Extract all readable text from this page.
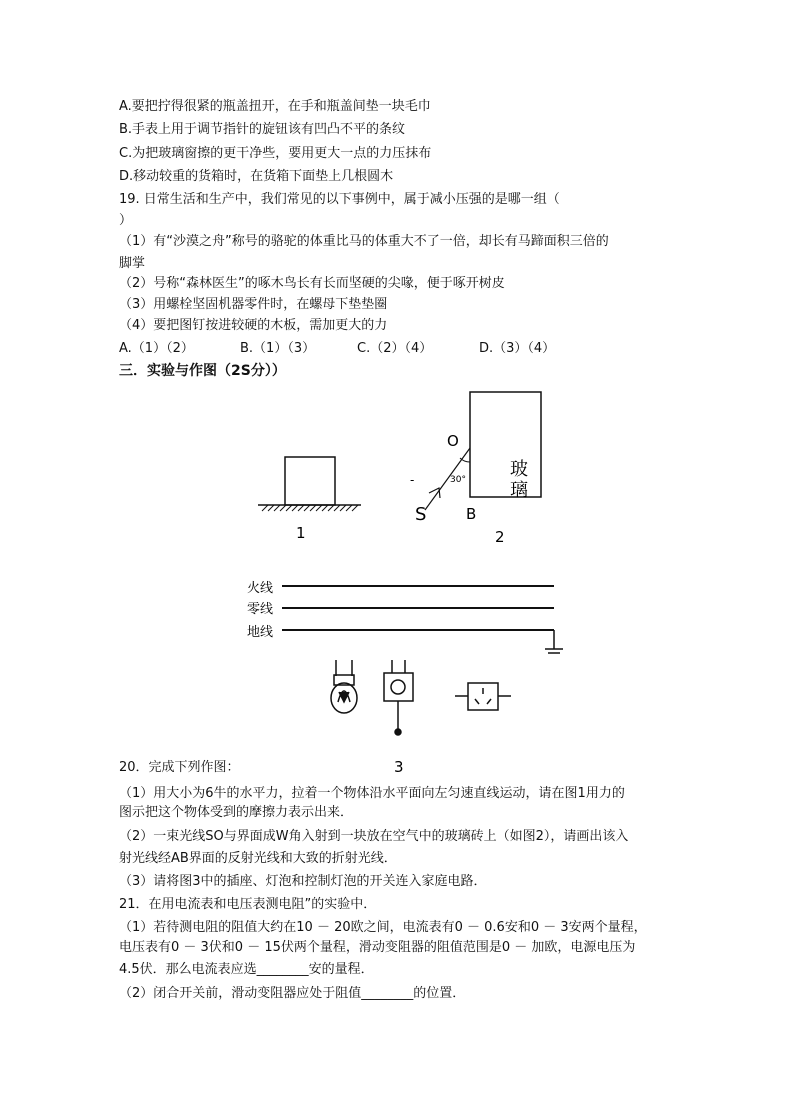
A.要把拧得很紧的瓶盖扭开，在手和瓶盖间垫一块毛巾
B.手表上用于调节指针的旋钮该有凹凸不平的条纹
C.为把玻璃窗擦的更干净些，要用更大一点的力压抹布
D.移动较重的货箱时，在货箱下面垫上几根圆木
19. 日常生活和生产中，我们常见的以下事例中，属于减小压强的是哪一组（
）
（1）有“沙漠之舟”称号的骆驼的体重比马的体重大不了一倍，却长有马蹄面积三倍的
脚掌
（2）号称“森林医生”的啄木鸟长有长而坚硬的尖喙，便于啄开树皮
（3）用螺栓坚固机器零件时，在螺母下垫垫圈
（4）要把图钉按进较硬的木板，需加更大的力
A.（1）（2）	B.（1）（3）	C.（2）（4）	D.（3）（4）
三．实验与作图（2S分））
1
O
30°
-
S	B
玻
璃
2
火线
零线
地线
3
20．完成下列作图：
（1）用大小为6牛的水平力，拉着一个物体沿水平面向左匀速直线运动，请在图1用力的
图示把这个物体受到的摩擦力表示出来．
（2）一束光线SO与界面成W角入射到一块放在空气中的玻璃砖上（如图2），请画出该入
射光线经AB界面的反射光线和大致的折射光线．
（3）请将图3中的插座、灯泡和控制灯泡的开关连入家庭电路．
21．在用电流表和电压表测电阻”的实验中．
（1）若待测电阻的阻值大约在10 － 20欧之间，电流表有0 － 0.6安和0 － 3安两个量程，
电压表有0 － 3伏和0 － 15伏两个量程，滑动变阻器的阻值范围是0 － 加欧，电源电压为
4.5伏．那么电流表应选________安的量程．
（2）闭合开关前，滑动变阻器应处于阻值________的位置．
